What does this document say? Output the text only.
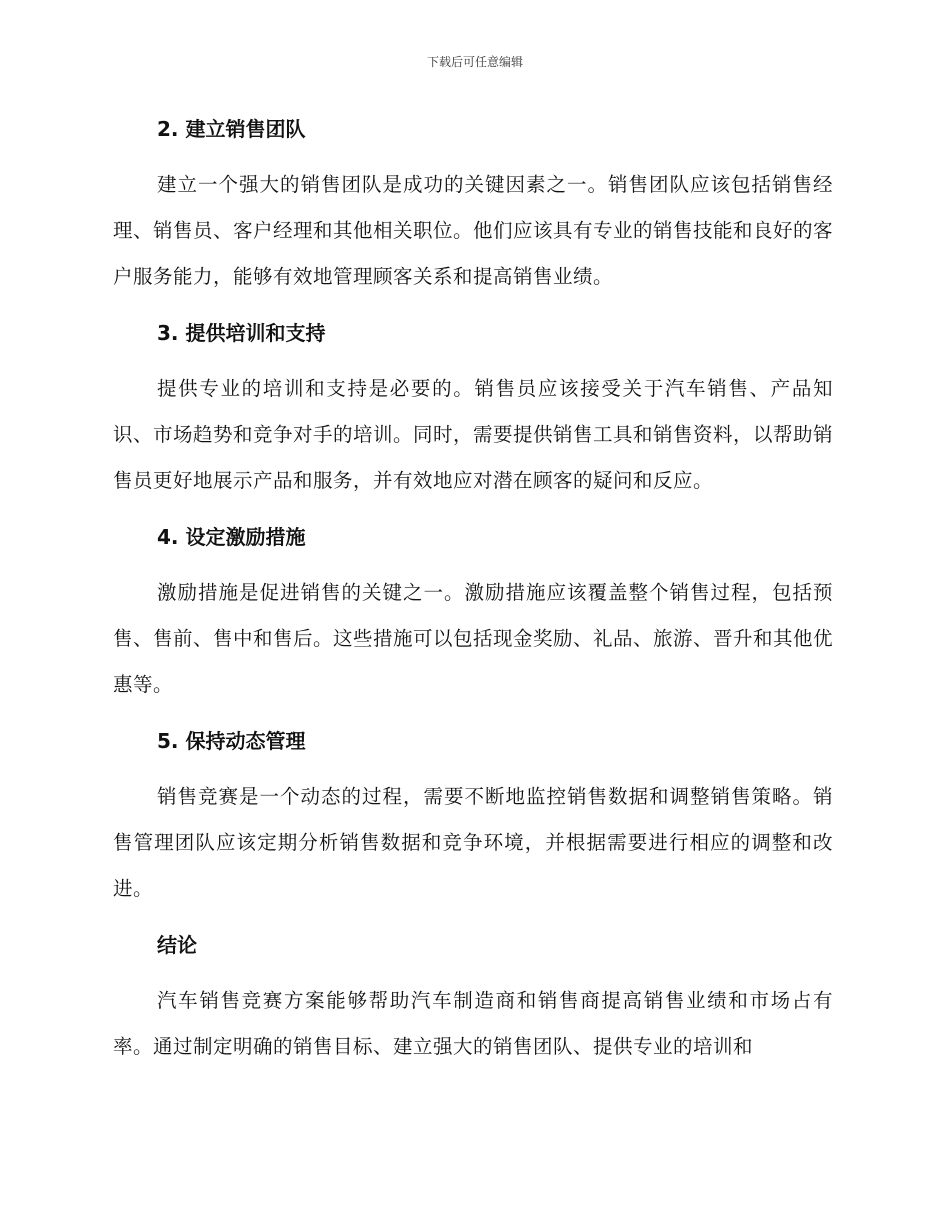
下载后可任意编辑
2. 建立销售团队

建立一个强大的销售团队是成功的关键因素之一。销售团队应该包括销售经理、销售员、客户经理和其他相关职位。他们应该具有专业的销售技能和良好的客户服务能力，能够有效地管理顾客关系和提高销售业绩。

3. 提供培训和支持

提供专业的培训和支持是必要的。销售员应该接受关于汽车销售、产品知识、市场趋势和竞争对手的培训。同时，需要提供销售工具和销售资料，以帮助销售员更好地展示产品和服务，并有效地应对潜在顾客的疑问和反应。

4. 设定激励措施

激励措施是促进销售的关键之一。激励措施应该覆盖整个销售过程，包括预售、售前、售中和售后。这些措施可以包括现金奖励、礼品、旅游、晋升和其他优惠等。

5. 保持动态管理

销售竞赛是一个动态的过程，需要不断地监控销售数据和调整销售策略。销售管理团队应该定期分析销售数据和竞争环境，并根据需要进行相应的调整和改进。

结论

汽车销售竞赛方案能够帮助汽车制造商和销售商提高销售业绩和市场占有率。通过制定明确的销售目标、建立强大的销售团队、提供专业的培训和
